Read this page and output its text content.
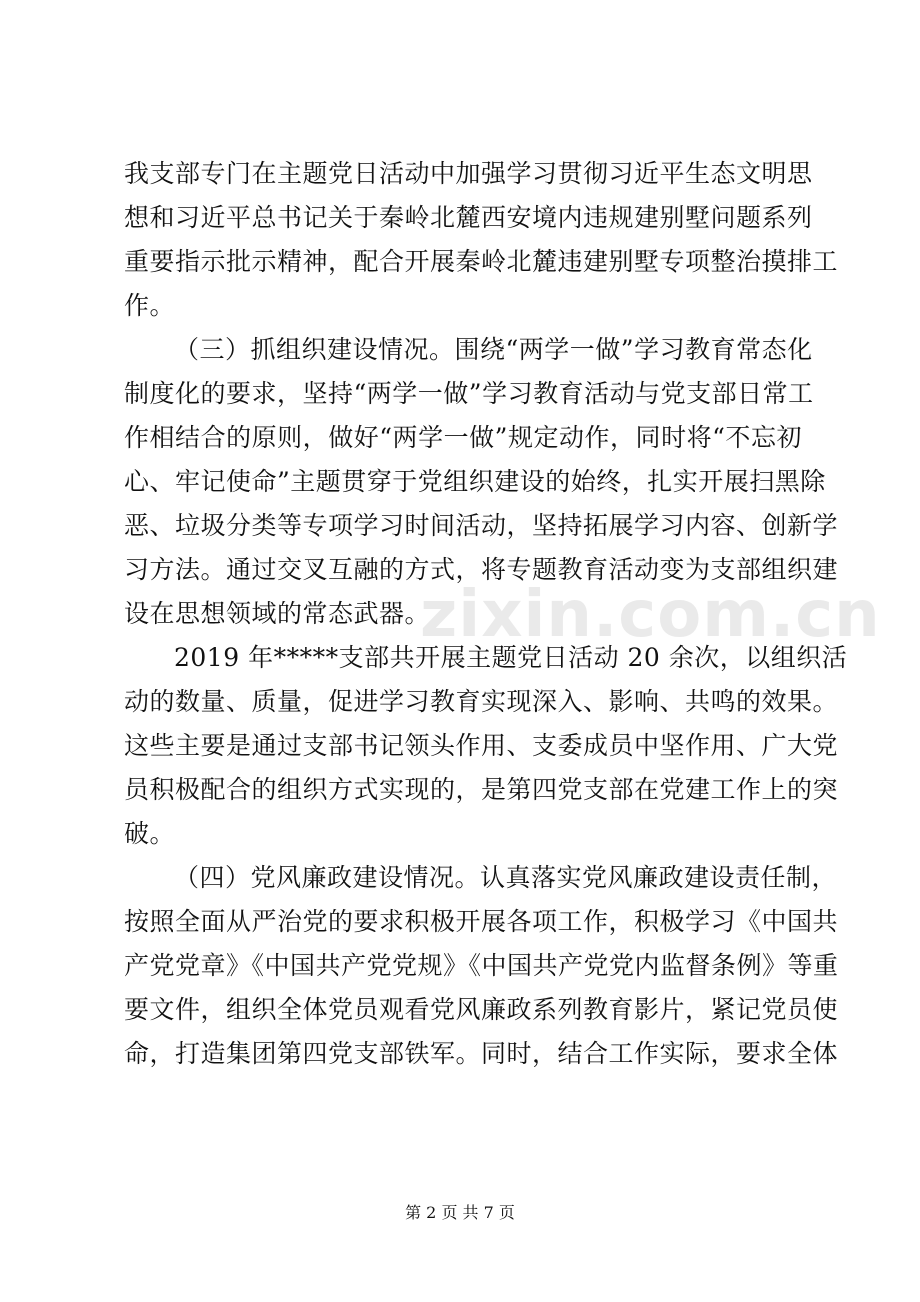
我支部专门在主题党日活动中加强学习贯彻习近平生态文明思
想和习近平总书记关于秦岭北麓西安境内违规建别墅问题系列
重要指示批示精神，配合开展秦岭北麓违建别墅专项整治摸排工
作。
（三）抓组织建设情况。围绕“两学一做”学习教育常态化
制度化的要求，坚持“两学一做”学习教育活动与党支部日常工
作相结合的原则，做好“两学一做”规定动作，同时将“不忘初
心、牢记使命”主题贯穿于党组织建设的始终，扎实开展扫黑除
恶、垃圾分类等专项学习时间活动，坚持拓展学习内容、创新学
习方法。通过交叉互融的方式，将专题教育活动变为支部组织建
设在思想领域的常态武器。
2019 年*****支部共开展主题党日活动 20 余次，以组织活
动的数量、质量，促进学习教育实现深入、影响、共鸣的效果。
这些主要是通过支部书记领头作用、支委成员中坚作用、广大党
员积极配合的组织方式实现的，是第四党支部在党建工作上的突
破。
（四）党风廉政建设情况。认真落实党风廉政建设责任制，
按照全面从严治党的要求积极开展各项工作，积极学习《中国共
产党党章》《中国共产党党规》《中国共产党党内监督条例》等重
要文件，组织全体党员观看党风廉政系列教育影片，紧记党员使
命，打造集团第四党支部铁军。同时，结合工作实际，要求全体
zixin.com.cn
第 2 页 共 7 页
